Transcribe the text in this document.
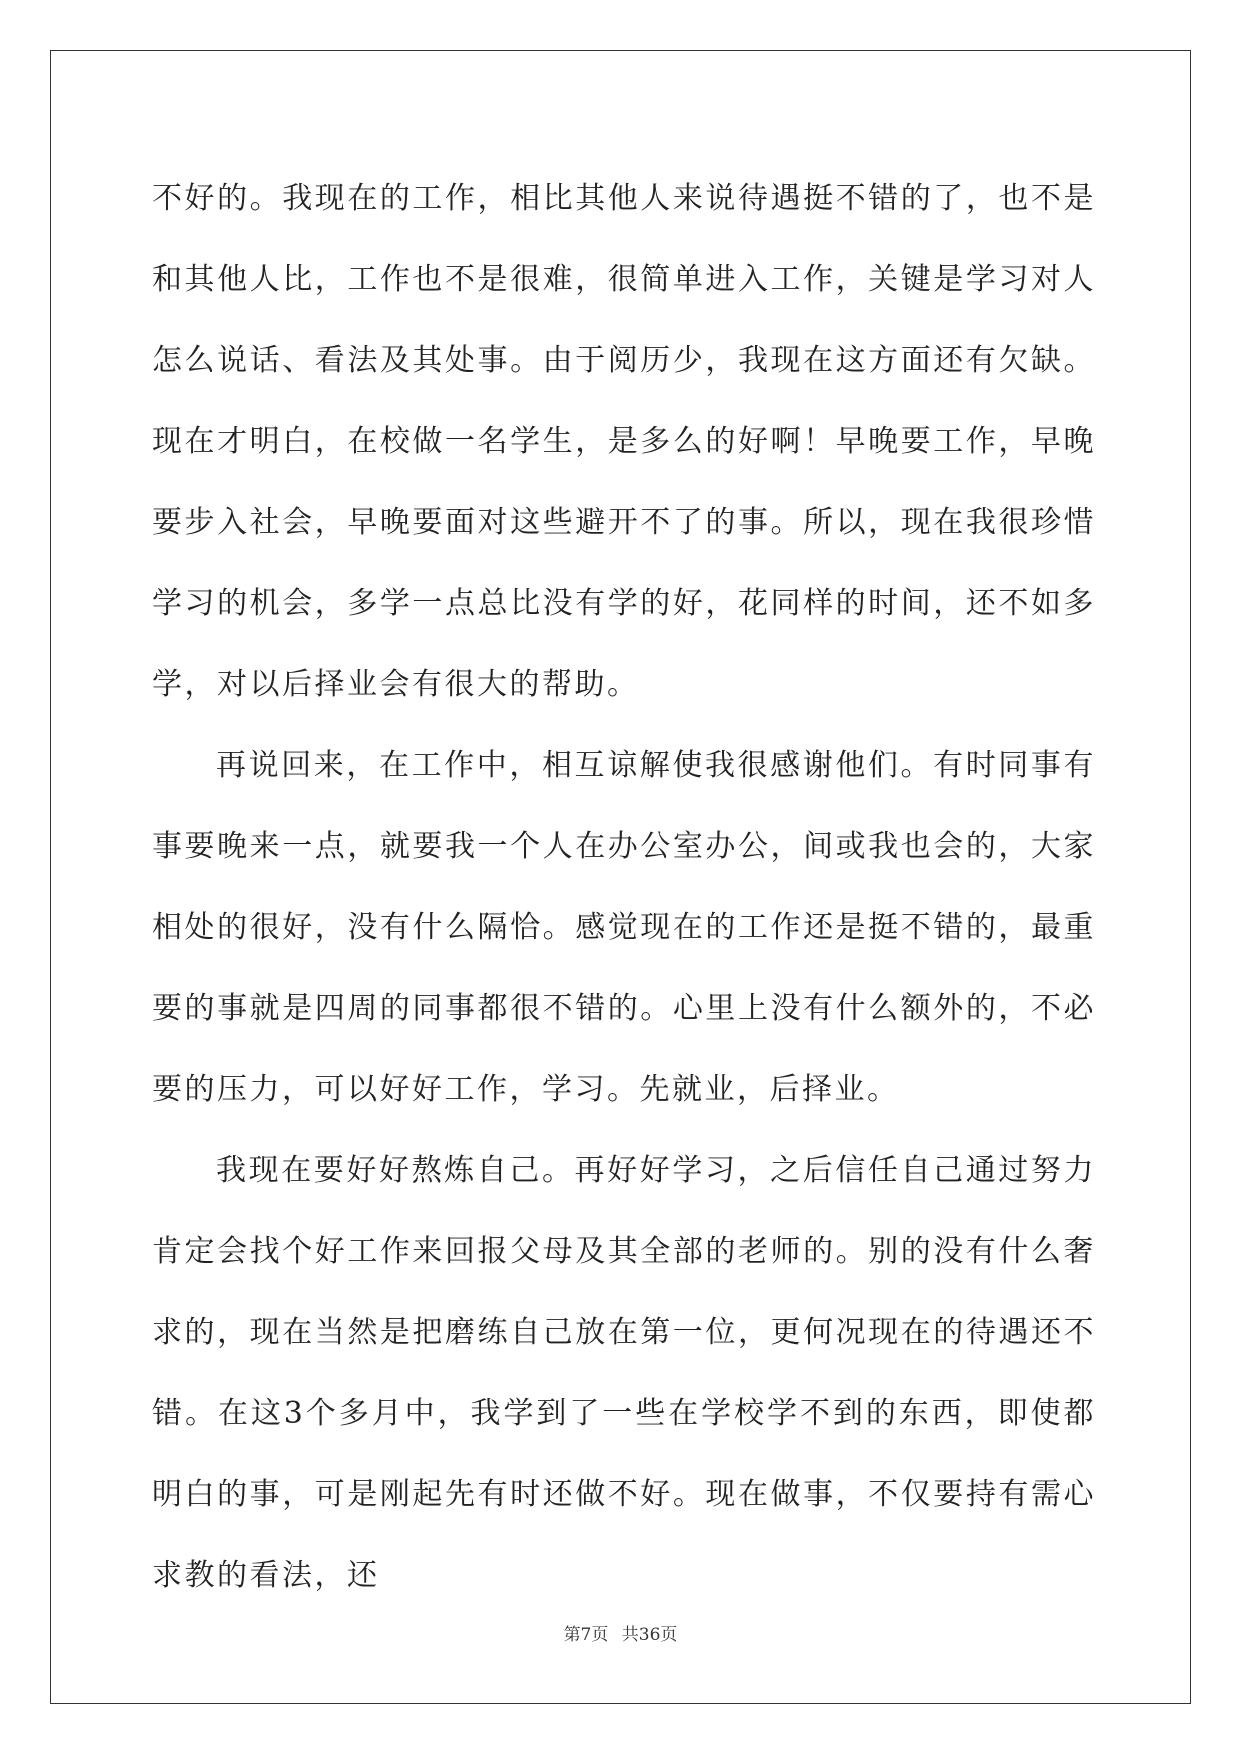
不好的。我现在的工作，相比其他人来说待遇挺不错的了，也不是和其他人比，工作也不是很难，很简单进入工作，关键是学习对人怎么说话、看法及其处事。由于阅历少，我现在这方面还有欠缺。现在才明白，在校做一名学生，是多么的好啊！早晚要工作，早晚要步入社会，早晚要面对这些避开不了的事。所以，现在我很珍惜学习的机会，多学一点总比没有学的好，花同样的时间，还不如多学，对以后择业会有很大的帮助。

再说回来，在工作中，相互谅解使我很感谢他们。有时同事有事要晚来一点，就要我一个人在办公室办公，间或我也会的，大家相处的很好，没有什么隔恰。感觉现在的工作还是挺不错的，最重要的事就是四周的同事都很不错的。心里上没有什么额外的，不必要的压力，可以好好工作，学习。先就业，后择业。

我现在要好好熬炼自己。再好好学习，之后信任自己通过努力肯定会找个好工作来回报父母及其全部的老师的。别的没有什么奢求的，现在当然是把磨练自己放在第一位，更何况现在的待遇还不错。在这3个多月中，我学到了一些在学校学不到的东西，即使都明白的事，可是刚起先有时还做不好。现在做事，不仅要持有需心求教的看法，还

第7页 共36页
